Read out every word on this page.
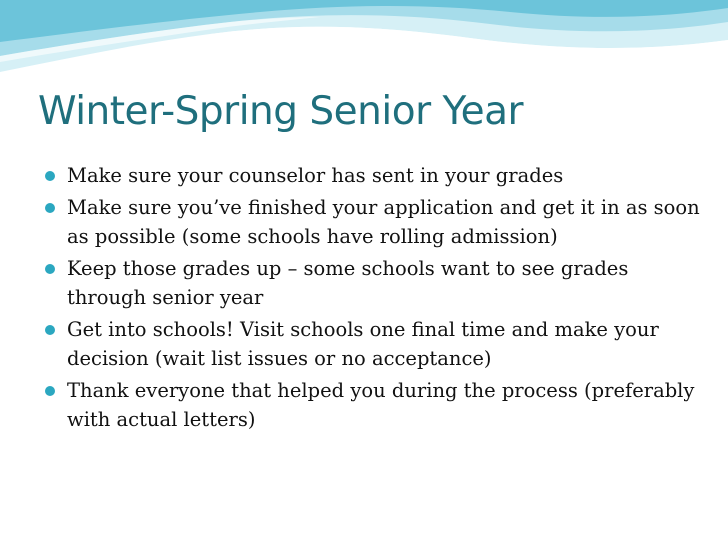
Winter-Spring Senior Year
Make sure your counselor has sent in your grades
Make sure you’ve finished your application and get it in as soon as possible (some schools have rolling admission)
Keep those grades up – some schools want to see grades through senior year
Get into schools! Visit schools one final time and make your decision (wait list issues or no acceptance)
Thank everyone that helped you during the process (preferably with actual letters)
